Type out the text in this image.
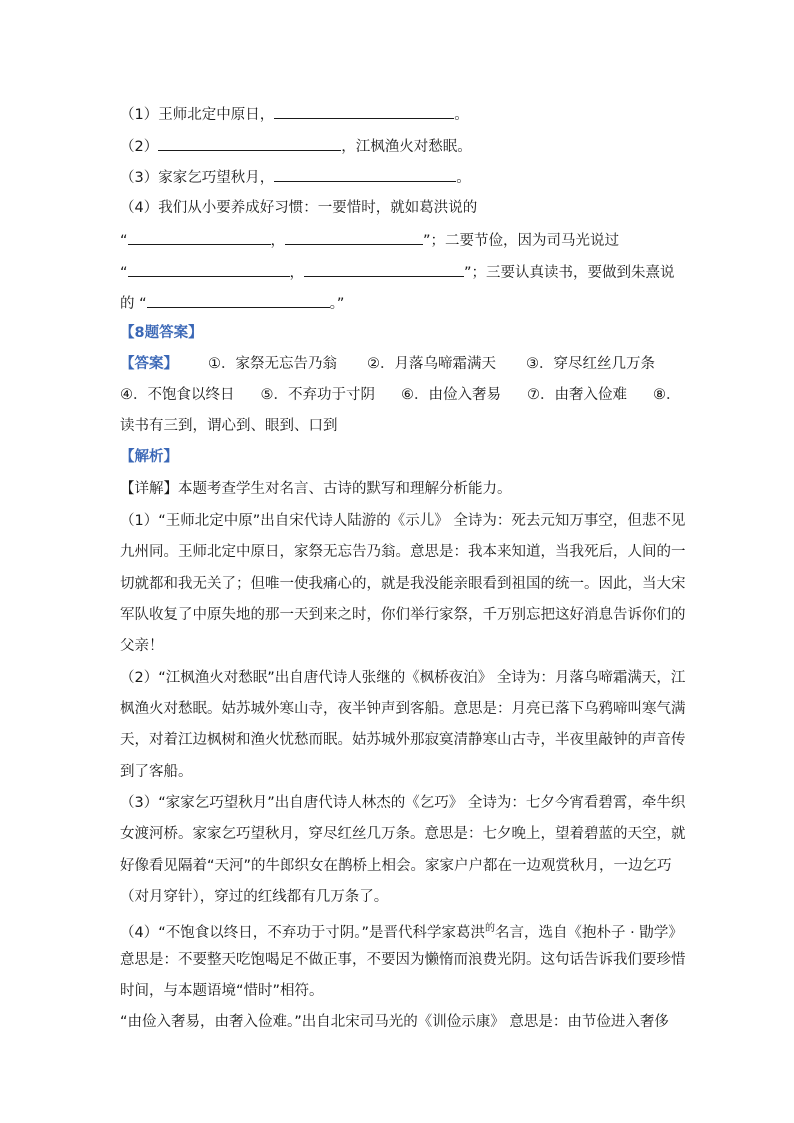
（1）王师北定中原日，	。
（2）	，江枫渔火对愁眠。
（3）家家乞巧望秋月，	。
（4）我们从小要养成好习惯：一要惜时，就如葛洪说的
“	，	”；二要节俭，因为司马光说过
“	，	”；三要认真读书，要做到朱熹说
的 “	。”
【8题答案】
【答案】 ①．家祭无忘告乃翁 ②．月落乌啼霜满天 ③．穿尽红丝几万条
④．不饱食以终日 ⑤．不弃功于寸阴 ⑥．由俭入奢易 ⑦．由奢入俭难 ⑧．
读书有三到，谓心到、眼到、口到
【解析】
【详解】本题考查学生对名言、古诗的默写和理解分析能力。
（1）“王师北定中原”出自宋代诗人陆游的《示儿》 全诗为：死去元知万事空，但悲不见
九州同。王师北定中原日，家祭无忘告乃翁。意思是：我本来知道，当我死后，人间的一
切就都和我无关了；但唯一使我痛心的，就是我没能亲眼看到祖国的统一。因此，当大宋
军队收复了中原失地的那一天到来之时，你们举行家祭，千万别忘把这好消息告诉你们的
父亲！
（2）“江枫渔火对愁眠”出自唐代诗人张继的《枫桥夜泊》 全诗为：月落乌啼霜满天，江
枫渔火对愁眠。姑苏城外寒山寺，夜半钟声到客船。意思是：月亮已落下乌鸦啼叫寒气满
天，对着江边枫树和渔火忧愁而眠。姑苏城外那寂寞清静寒山古寺，半夜里敲钟的声音传
到了客船。
（3）“家家乞巧望秋月”出自唐代诗人林杰的《乞巧》 全诗为：七夕今宵看碧霄，牵牛织
女渡河桥。家家乞巧望秋月，穿尽红丝几万条。意思是：七夕晚上，望着碧蓝的天空，就
好像看见隔着“天河”的牛郎织女在鹊桥上相会。家家户户都在一边观赏秋月，一边乞巧
（对月穿针），穿过的红线都有几万条了。
（4）“不饱食以终日，不弃功于寸阴。”是晋代科学家葛洪$^的$名言，选自《抱朴子 · 勖学》
意思是：不要整天吃饱喝足不做正事，不要因为懒惰而浪费光阴。这句话告诉我们要珍惜
时间，与本题语境“惜时”相符。
“由俭入奢易，由奢入俭难。”出自北宋司马光的《训俭示康》 意思是：由节俭进入奢侈
